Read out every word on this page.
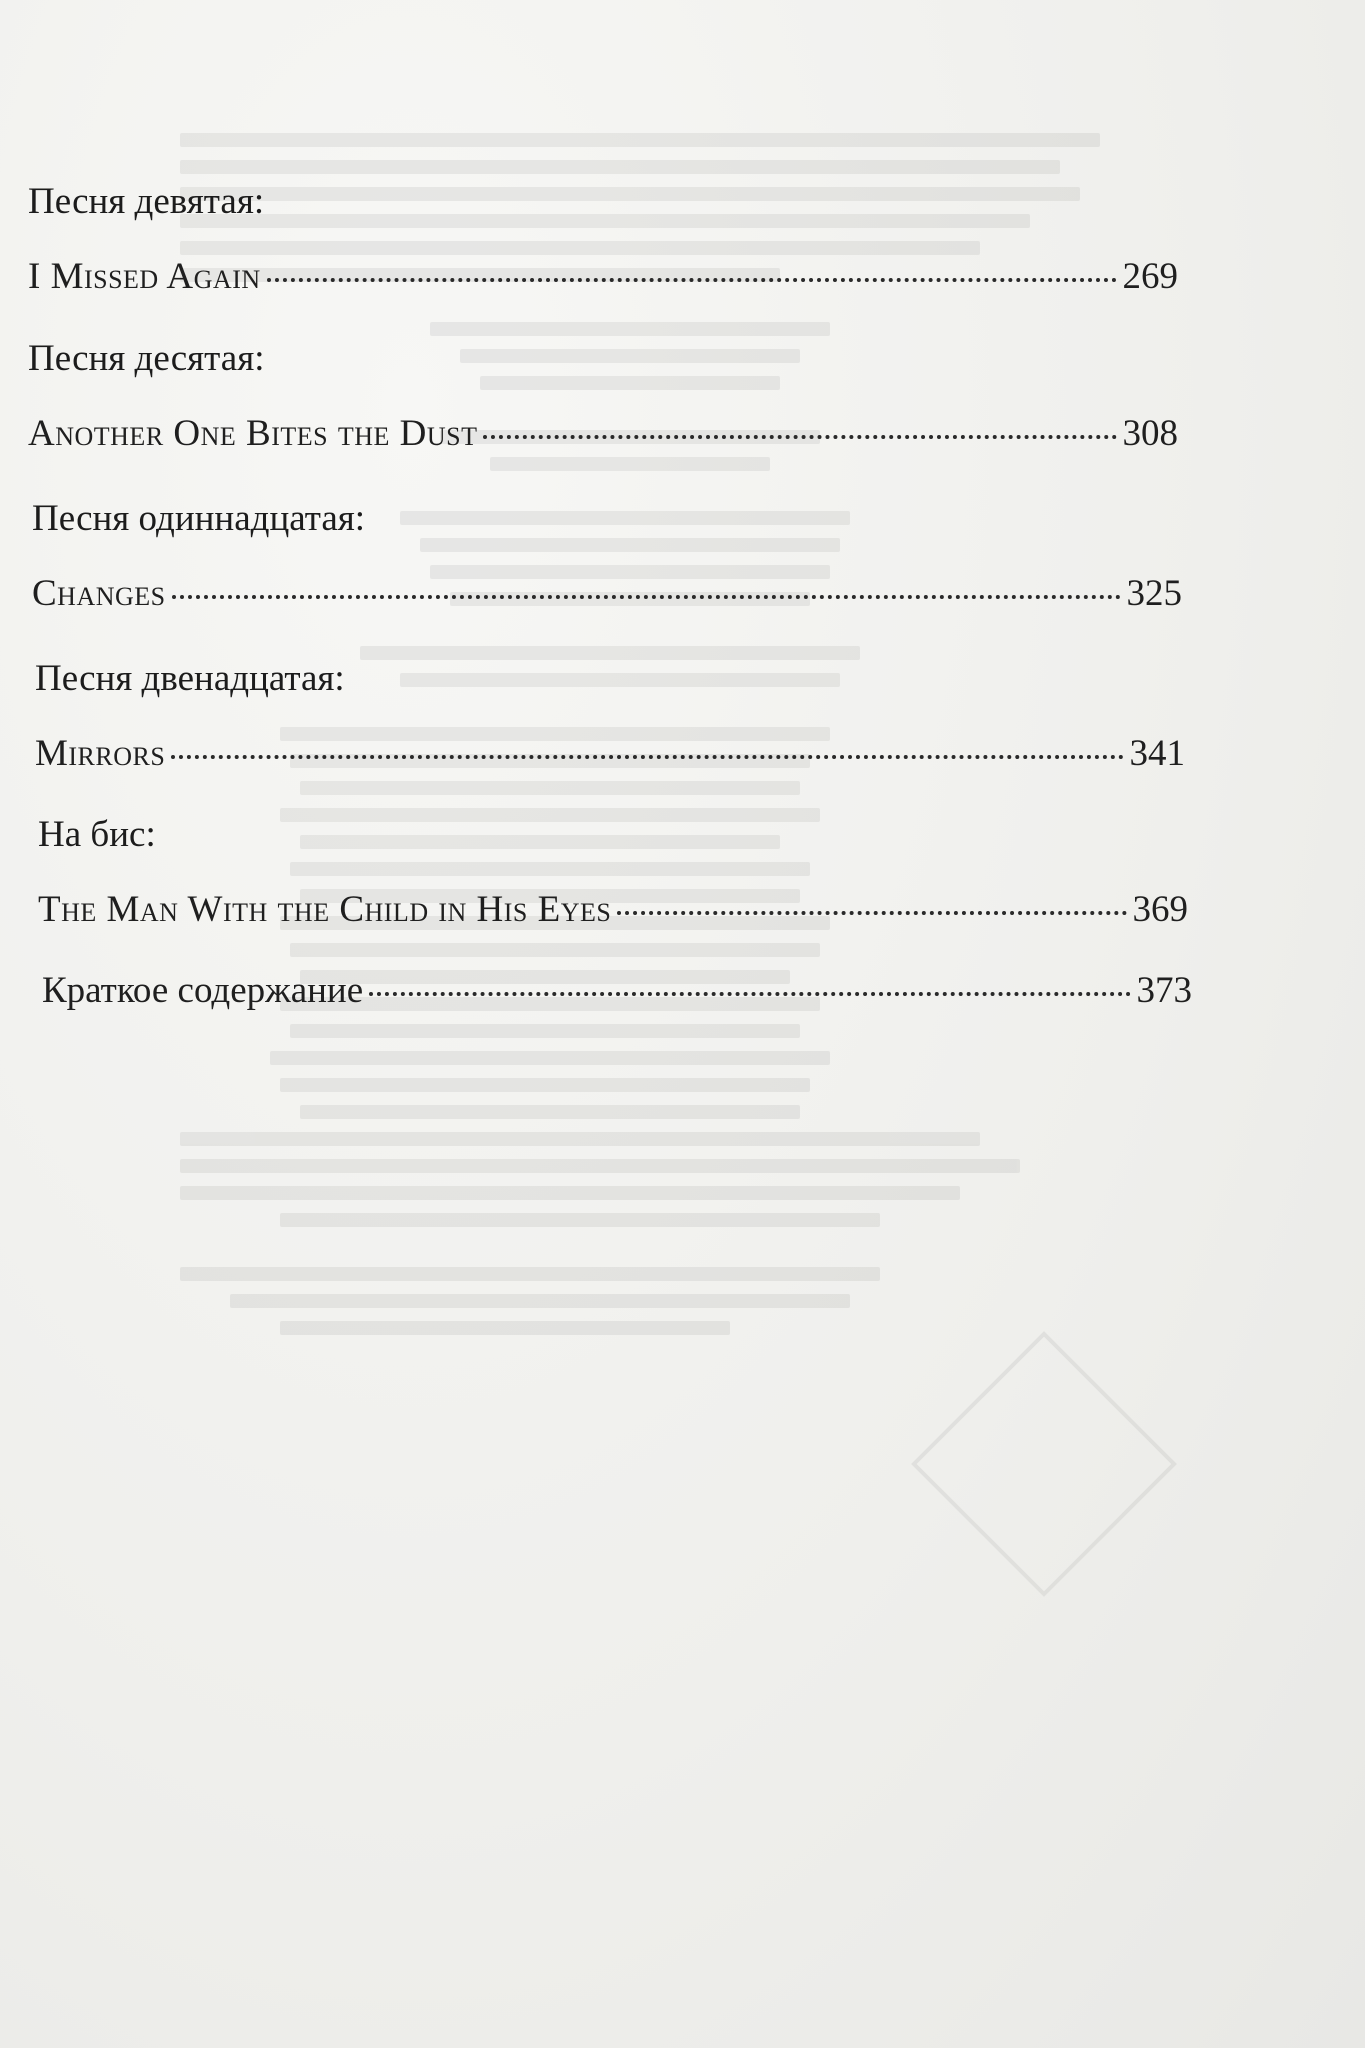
Песня девятая:
I Missed Again	269
Песня десятая:
Another One Bites the Dust	308
Песня одиннадцатая:
Changes	325
Песня двенадцатая:
Mirrors	341
На бис:
The Man With the Child in His Eyes	369
Краткое содержание	373
